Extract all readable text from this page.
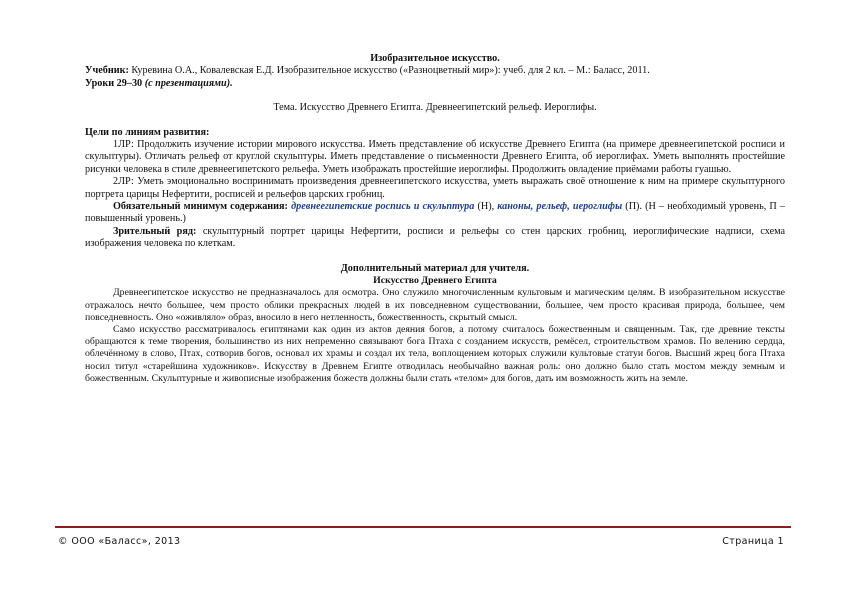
Изобразительное искусство.

Учебник: Куревина О.А., Ковалевская Е.Д. Изобразительное искусство («Разноцветный мир»): учеб. для 2 кл. – М.: Баласс, 2011.

Уроки 29–30 (с презентациями).

Тема. Искусство Древнего Египта. Древнеегипетский рельеф. Иероглифы.

Цели по линиям развития:

1ЛР: Продолжить изучение истории мирового искусства. Иметь представление об искусстве Древнего Египта (на примере древнеегипетской росписи и скульптуры). Отличать рельеф от круглой скульптуры. Иметь представление о письменности Древнего Египта, об иероглифах. Уметь выполнять простейшие рисунки человека в стиле древнеегипетского рельефа. Уметь изображать простейшие иероглифы. Продолжить овладение приёмами работы гуашью.

2ЛР: Уметь эмоционально воспринимать произведения древнеегипетского искусства, уметь выражать своё отношение к ним на примере скульптурного портрета царицы Нефертити, росписей и рельефов царских гробниц.

Обязательный минимум содержания: древнеегипетские роспись и скульптура (Н), каноны, рельеф, иероглифы (П). (Н – необходимый уровень, П – повышенный уровень.)

Зрительный ряд: скульптурный портрет царицы Нефертити, росписи и рельефы со стен царских гробниц, иероглифические надписи, схема изображения человека по клеткам.

Дополнительный материал для учителя.

Искусство Древнего Египта

Древнеегипетское искусство не предназначалось для осмотра. Оно служило многочисленным культовым и магическим целям. В изобразительном искусстве отражалось нечто большее, чем просто облики прекрасных людей в их повседневном существовании, большее, чем просто красивая природа, большее, чем повседневность. Оно «оживляло» образ, вносило в него нетленность, божественность, скрытый смысл.

Само искусство рассматривалось египтянами как один из актов деяния богов, а потому считалось божественным и священным. Так, где древние тексты обращаются к теме творения, большинство из них непременно связывают бога Птаха с созданием искусств, ремёсел, строительством храмов. По велению сердца, облечённому в слово, Птах, сотворив богов, основал их храмы и создал их тела, воплощением которых служили культовые статуи богов. Высший жрец бога Птаха носил титул «старейшина художников». Искусству в Древнем Египте отводилась необычайно важная роль: оно должно было стать мостом между земным и божественным. Скульптурные и живописные изображения божеств должны были стать «телом» для богов, дать им возможность жить на земле.

© ООО «Баласс», 2013	Страница 1
